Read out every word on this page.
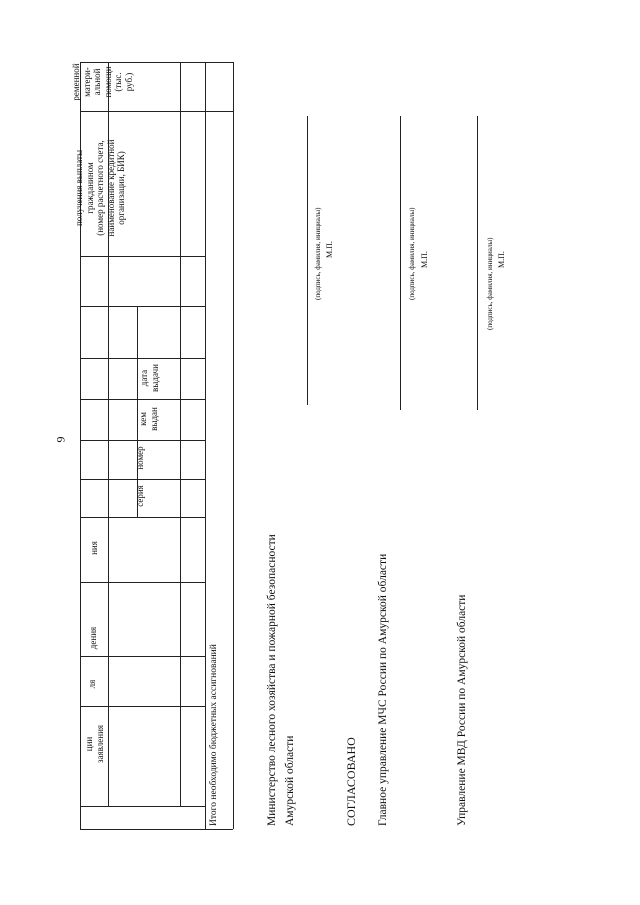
9
ременной
матери-
альной
помощи
(тыс.
руб.)
получения выплаты
гражданином
(номер расчетного счета,
наименование кредитной
организации, БИК)
дата
выдачи
кем
выдан
номер
серия
ния
дения
ля
ции
заявления	Итого необходимо бюджетных ассигнований	Министерство лесного хозяйства и пожарной безопасности Амурской области
(подпись, фамилия, инициалы) М.П.
СОГЛАСОВАНО Главное управление МЧС России по Амурской области
(подпись, фамилия, инициалы) М.П.
Управление МВД России по Амурской области
(подпись, фамилия, инициалы) М.П.
